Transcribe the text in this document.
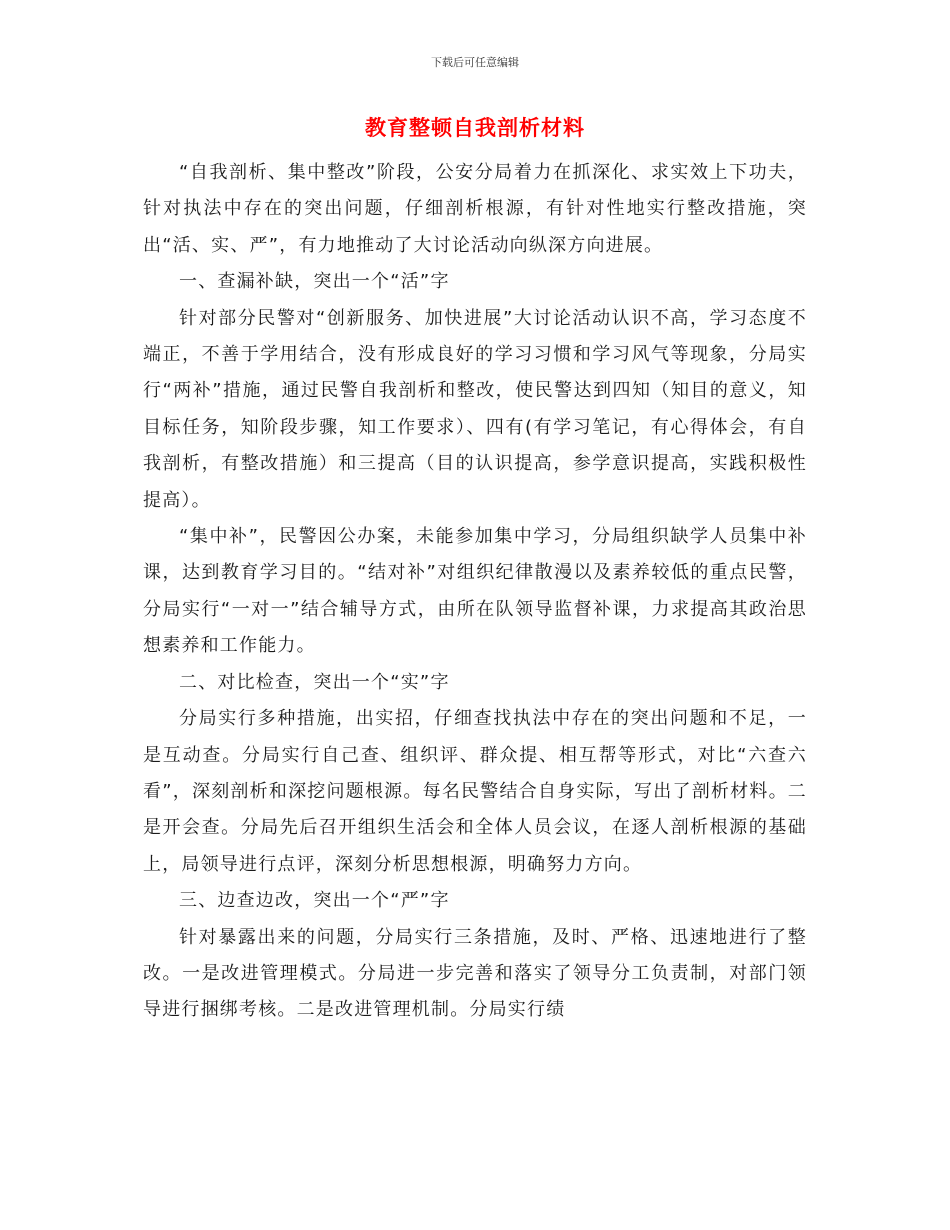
下载后可任意编辑
教育整顿自我剖析材料

“自我剖析、集中整改”阶段，公安分局着力在抓深化、求实效上下功夫，针对执法中存在的突出问题，仔细剖析根源，有针对性地实行整改措施，突出“活、实、严”，有力地推动了大讨论活动向纵深方向进展。

一、查漏补缺，突出一个“活”字

针对部分民警对“创新服务、加快进展”大讨论活动认识不高，学习态度不端正，不善于学用结合，没有形成良好的学习习惯和学习风气等现象，分局实行“两补”措施，通过民警自我剖析和整改，使民警达到四知（知目的意义，知目标任务，知阶段步骤，知工作要求）、四有(有学习笔记，有心得体会，有自我剖析，有整改措施）和三提高（目的认识提高，参学意识提高，实践积极性提高）。

“集中补”，民警因公办案，未能参加集中学习，分局组织缺学人员集中补课，达到教育学习目的。“结对补”对组织纪律散漫以及素养较低的重点民警，分局实行“一对一”结合辅导方式，由所在队领导监督补课，力求提高其政治思想素养和工作能力。

二、对比检查，突出一个“实”字

分局实行多种措施，出实招，仔细查找执法中存在的突出问题和不足，一是互动查。分局实行自己查、组织评、群众提、相互帮等形式，对比“六查六看”，深刻剖析和深挖问题根源。每名民警结合自身实际，写出了剖析材料。二是开会查。分局先后召开组织生活会和全体人员会议，在逐人剖析根源的基础上，局领导进行点评，深刻分析思想根源，明确努力方向。

三、边查边改，突出一个“严”字

针对暴露出来的问题，分局实行三条措施，及时、严格、迅速地进行了整改。一是改进管理模式。分局进一步完善和落实了领导分工负责制，对部门领导进行捆绑考核。二是改进管理机制。分局实行绩
